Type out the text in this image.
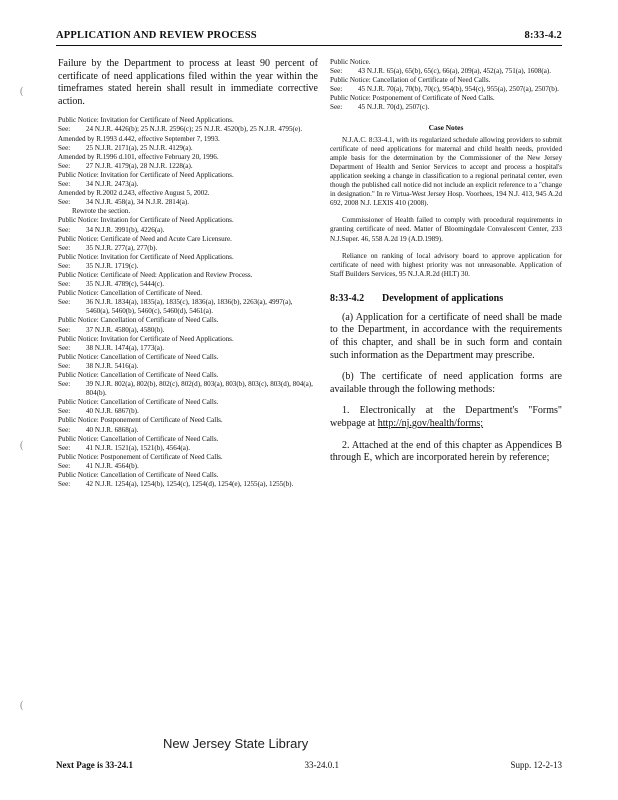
APPLICATION AND REVIEW PROCESS	8:33-4.2
(
(
(

Failure by the Department to process at least 90 percent of certificate of need applications filed within the year within the timeframes stated herein shall result in immediate corrective action.

Public Notice: Invitation for Certificate of Need Applications.
See: 24 N.J.R. 4426(b); 25 N.J.R. 2596(c); 25 N.J.R. 4520(b), 25 N.J.R. 4795(e).
Amended by R.1993 d.442, effective September 7, 1993.
See: 25 N.J.R. 2171(a), 25 N.J.R. 4129(a).
Amended by R.1996 d.101, effective February 20, 1996.
See: 27 N.J.R. 4179(a), 28 N.J.R. 1228(a).
Public Notice: Invitation for Certificate of Need Applications.
See: 34 N.J.R. 2473(a).
Amended by R.2002 d.243, effective August 5, 2002.
See: 34 N.J.R. 458(a), 34 N.J.R. 2814(a).
Rewrote the section.
Public Notice: Invitation for Certificate of Need Applications.
See: 34 N.J.R. 3991(b), 4226(a).
Public Notice: Certificate of Need and Acute Care Licensure.
See: 35 N.J.R. 277(a), 277(b).
Public Notice: Invitation for Certificate of Need Applications.
See: 35 N.J.R. 1719(c).
Public Notice: Certificate of Need: Application and Review Process.
See: 35 N.J.R. 4789(c), 5444(c).
Public Notice: Cancellation of Certificate of Need.
See: 36 N.J.R. 1834(a), 1835(a), 1835(c), 1836(a), 1836(b), 2263(a), 4997(a), 5460(a), 5460(b), 5460(c), 5460(d), 5461(a).
Public Notice: Cancellation of Certificate of Need Calls.
See: 37 N.J.R. 4580(a), 4580(b).
Public Notice: Invitation for Certificate of Need Applications.
See: 38 N.J.R. 1474(a), 1773(a).
Public Notice: Cancellation of Certificate of Need Calls.
See: 38 N.J.R. 5416(a).
Public Notice: Cancellation of Certificate of Need Calls.
See: 39 N.J.R. 802(a), 802(b), 802(c), 802(d), 803(a), 803(b), 803(c), 803(d), 804(a), 804(b).
Public Notice: Cancellation of Certificate of Need Calls.
See: 40 N.J.R. 6867(b).
Public Notice: Postponement of Certificate of Need Calls.
See: 40 N.J.R. 6868(a).
Public Notice: Cancellation of Certificate of Need Calls.
See: 41 N.J.R. 1521(a), 1521(b), 4564(a).
Public Notice: Postponement of Certificate of Need Calls.
See: 41 N.J.R. 4564(b).
Public Notice: Cancellation of Certificate of Need Calls.
See: 42 N.J.R. 1254(a), 1254(b), 1254(c), 1254(d), 1254(e), 1255(a), 1255(b).
Public Notice.
See: 43 N.J.R. 65(a), 65(b), 65(c), 66(a), 209(a), 452(a), 751(a), 1608(a).
Public Notice: Cancellation of Certificate of Need Calls.
See: 45 N.J.R. 70(a), 70(b), 70(c), 954(b), 954(c), 955(a), 2507(a), 2507(b).
Public Notice: Postponement of Certificate of Need Calls.
See: 45 N.J.R. 70(d), 2507(c).
Case Notes

N.J.A.C. 8:33-4.1, with its regularized schedule allowing providers to submit certificate of need applications for maternal and child health needs, provided ample basis for the determination by the Commissioner of the New Jersey Department of Health and Senior Services to accept and process a hospital's application seeking a change in classification to a regional perinatal center, even though the published call notice did not include an explicit reference to a "change in designation." In re Virtua-West Jersey Hosp. Voorhees, 194 N.J. 413, 945 A.2d 692, 2008 N.J. LEXIS 410 (2008).

Commissioner of Health failed to comply with procedural requirements in granting certificate of need. Matter of Bloomingdale Convalescent Center, 233 N.J.Super. 46, 558 A.2d 19 (A.D.1989).

Reliance on ranking of local advisory board to approve application for certificate of need with highest priority was not unreasonable. Application of Staff Builders Services, 95 N.J.A.R.2d (HLT) 30.

8:33-4.2 Development of applications

(a) Application for a certificate of need shall be made to the Department, in accordance with the requirements of this chapter, and shall be in such form and contain such information as the Department may prescribe.

(b) The certificate of need application forms are available through the following methods:

1. Electronically at the Department's "Forms" webpage at http://nj.gov/health/forms;

2. Attached at the end of this chapter as Appendices B through E, which are incorporated herein by reference;

New Jersey State Library
Next Page is 33-24.1	33-24.0.1	Supp. 12-2-13
